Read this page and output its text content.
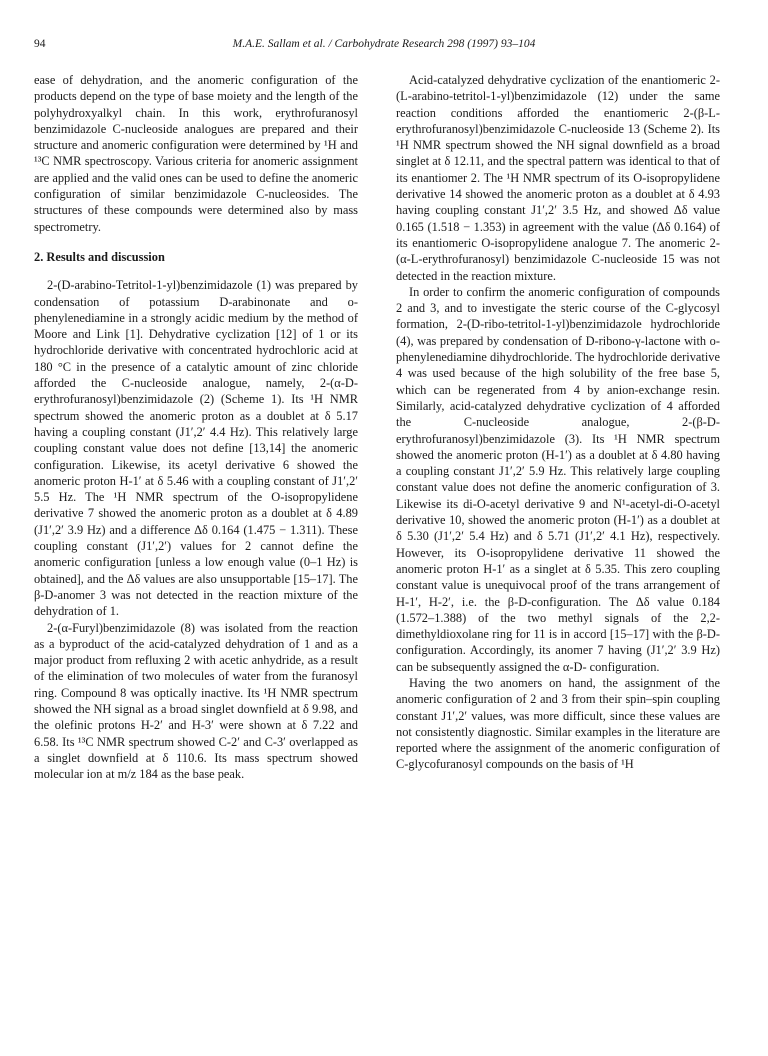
94	M.A.E. Sallam et al. / Carbohydrate Research 298 (1997) 93–104

ease of dehydration, and the anomeric configuration of the products depend on the type of base moiety and the length of the polyhydroxyalkyl chain. In this work, erythrofuranosyl benzimidazole C-nucleoside analogues are prepared and their structure and anomeric configuration were determined by ¹H and ¹³C NMR spectroscopy. Various criteria for anomeric assignment are applied and the valid ones can be used to define the anomeric configuration of similar benzimidazole C-nucleosides. The structures of these compounds were determined also by mass spectrometry.

2. Results and discussion

2-(D-arabino-Tetritol-1-yl)benzimidazole (1) was prepared by condensation of potassium D-arabinonate and o-phenylenediamine in a strongly acidic medium by the method of Moore and Link [1]. Dehydrative cyclization [12] of 1 or its hydrochloride derivative with concentrated hydrochloric acid at 180 °C in the presence of a catalytic amount of zinc chloride afforded the C-nucleoside analogue, namely, 2-(α-D-erythrofuranosyl)benzimidazole (2) (Scheme 1). Its ¹H NMR spectrum showed the anomeric proton as a doublet at δ 5.17 having a coupling constant (J1′,2′ 4.4 Hz). This relatively large coupling constant value does not define [13,14] the anomeric configuration. Likewise, its acetyl derivative 6 showed the anomeric proton H-1′ at δ 5.46 with a coupling constant of J1′,2′ 5.5 Hz. The ¹H NMR spectrum of the O-isopropylidene derivative 7 showed the anomeric proton as a doublet at δ 4.89 (J1′,2′ 3.9 Hz) and a difference Δδ 0.164 (1.475 − 1.311). These coupling constant (J1′,2′) values for 2 cannot define the anomeric configuration [unless a low enough value (0–1 Hz) is obtained], and the Δδ values are also unsupportable [15–17]. The β-D-anomer 3 was not detected in the reaction mixture of the dehydration of 1.

2-(α-Furyl)benzimidazole (8) was isolated from the reaction as a byproduct of the acid-catalyzed dehydration of 1 and as a major product from refluxing 2 with acetic anhydride, as a result of the elimination of two molecules of water from the furanosyl ring. Compound 8 was optically inactive. Its ¹H NMR spectrum showed the NH signal as a broad singlet downfield at δ 9.98, and the olefinic protons H-2′ and H-3′ were shown at δ 7.22 and 6.58. Its ¹³C NMR spectrum showed C-2′ and C-3′ overlapped as a singlet downfield at δ 110.6. Its mass spectrum showed molecular ion at m/z 184 as the base peak.

Acid-catalyzed dehydrative cyclization of the enantiomeric 2-(L-arabino-tetritol-1-yl)benzimidazole (12) under the same reaction conditions afforded the enantiomeric 2-(β-L-erythrofuranosyl)benzimidazole C-nucleoside 13 (Scheme 2). Its ¹H NMR spectrum showed the NH signal downfield as a broad singlet at δ 12.11, and the spectral pattern was identical to that of its enantiomer 2. The ¹H NMR spectrum of its O-isopropylidene derivative 14 showed the anomeric proton as a doublet at δ 4.93 having coupling constant J1′,2′ 3.5 Hz, and showed Δδ value 0.165 (1.518 − 1.353) in agreement with the value (Δδ 0.164) of its enantiomeric O-isopropylidene analogue 7. The anomeric 2-(α-L-erythrofuranosyl) benzimidazole C-nucleoside 15 was not detected in the reaction mixture.

In order to confirm the anomeric configuration of compounds 2 and 3, and to investigate the steric course of the C-glycosyl formation, 2-(D-ribo-tetritol-1-yl)benzimidazole hydrochloride (4), was prepared by condensation of D-ribono-γ-lactone with o-phenylenediamine dihydrochloride. The hydrochloride derivative 4 was used because of the high solubility of the free base 5, which can be regenerated from 4 by anion-exchange resin. Similarly, acid-catalyzed dehydrative cyclization of 4 afforded the C-nucleoside analogue, 2-(β-D-erythrofuranosyl)benzimidazole (3). Its ¹H NMR spectrum showed the anomeric proton (H-1′) as a doublet at δ 4.80 having a coupling constant J1′,2′ 5.9 Hz. This relatively large coupling constant value does not define the anomeric configuration of 3. Likewise its di-O-acetyl derivative 9 and N¹-acetyl-di-O-acetyl derivative 10, showed the anomeric proton (H-1′) as a doublet at δ 5.30 (J1′,2′ 5.4 Hz) and δ 5.71 (J1′,2′ 4.1 Hz), respectively. However, its O-isopropylidene derivative 11 showed the anomeric proton H-1′ as a singlet at δ 5.35. This zero coupling constant value is unequivocal proof of the trans arrangement of H-1′, H-2′, i.e. the β-D-configuration. The Δδ value 0.184 (1.572–1.388) of the two methyl signals of the 2,2-dimethyldioxolane ring for 11 is in accord [15–17] with the β-D-configuration. Accordingly, its anomer 7 having (J1′,2′ 3.9 Hz) can be subsequently assigned the α-D- configuration.

Having the two anomers on hand, the assignment of the anomeric configuration of 2 and 3 from their spin–spin coupling constant J1′,2′ values, was more difficult, since these values are not consistently diagnostic. Similar examples in the literature are reported where the assignment of the anomeric configuration of C-glycofuranosyl compounds on the basis of ¹H
